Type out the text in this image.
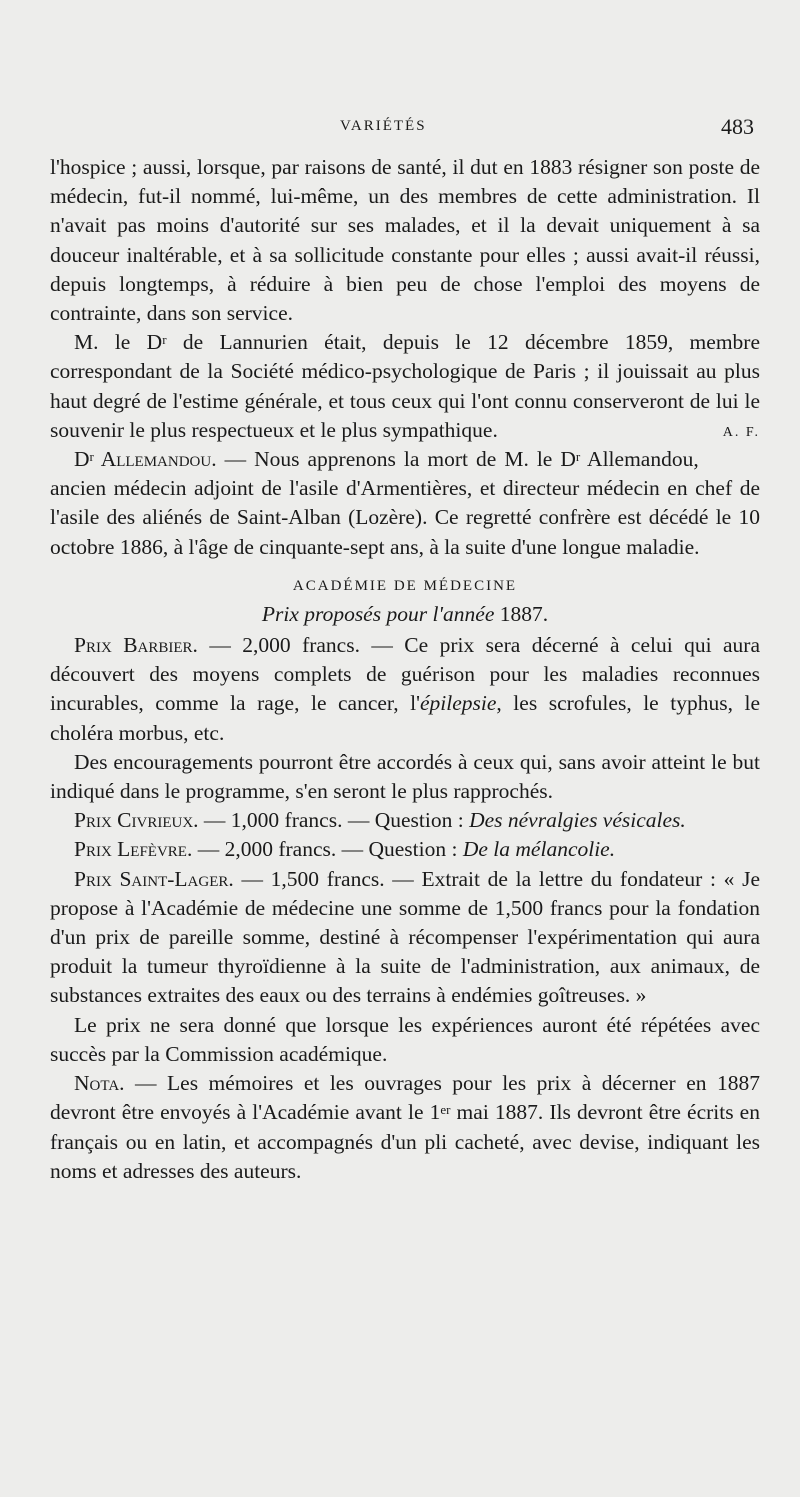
VARIÉTÉS	483

l'hospice ; aussi, lorsque, par raisons de santé, il dut en 1883 résigner son poste de médecin, fut-il nommé, lui-même, un des membres de cette administration. Il n'avait pas moins d'autorité sur ses malades, et il la devait uniquement à sa douceur inaltérable, et à sa sollicitude constante pour elles ; aussi avait-il réussi, depuis longtemps, à réduire à bien peu de chose l'emploi des moyens de contrainte, dans son service.

M. le $D^r$ de Lannurien était, depuis le 12 décembre 1859, membre correspondant de la Société médico-psychologique de Paris ; il jouissait au plus haut degré de l'estime générale, et tous ceux qui l'ont connu conserveront de lui le souvenir le plus respectueux et le plus sympathique.	A. F.

$D^r$ Allemandou. — Nous apprenons la mort de M. le $D^r$ Allemandou, ancien médecin adjoint de l'asile d'Armentières, et directeur médecin en chef de l'asile des aliénés de Saint-Alban (Lozère). Ce regretté confrère est décédé le 10 octobre 1886, à l'âge de cinquante-sept ans, à la suite d'une longue maladie.

ACADÉMIE DE MÉDECINE
Prix proposés pour l'année 1887.

Prix Barbier. — 2,000 francs. — Ce prix sera décerné à celui qui aura découvert des moyens complets de guérison pour les maladies reconnues incurables, comme la rage, le cancer, l'épilepsie, les scrofules, le typhus, le choléra morbus, etc.

Des encouragements pourront être accordés à ceux qui, sans avoir atteint le but indiqué dans le programme, s'en seront le plus rapprochés.

Prix Civrieux. — 1,000 francs. — Question : Des névralgies vésicales.

Prix Lefèvre. — 2,000 francs. — Question : De la mélancolie.

Prix Saint-Lager. — 1,500 francs. — Extrait de la lettre du fondateur : « Je propose à l'Académie de médecine une somme de 1,500 francs pour la fondation d'un prix de pareille somme, destiné à récompenser l'expérimentation qui aura produit la tumeur thyroïdienne à la suite de l'administration, aux animaux, de substances extraites des eaux ou des terrains à endémies goîtreuses. »

Le prix ne sera donné que lorsque les expériences auront été répétées avec succès par la Commission académique.

Nota. — Les mémoires et les ouvrages pour les prix à décerner en 1887 devront être envoyés à l'Académie avant le 1er mai 1887. Ils devront être écrits en français ou en latin, et accompagnés d'un pli cacheté, avec devise, indiquant les noms et adresses des auteurs.
